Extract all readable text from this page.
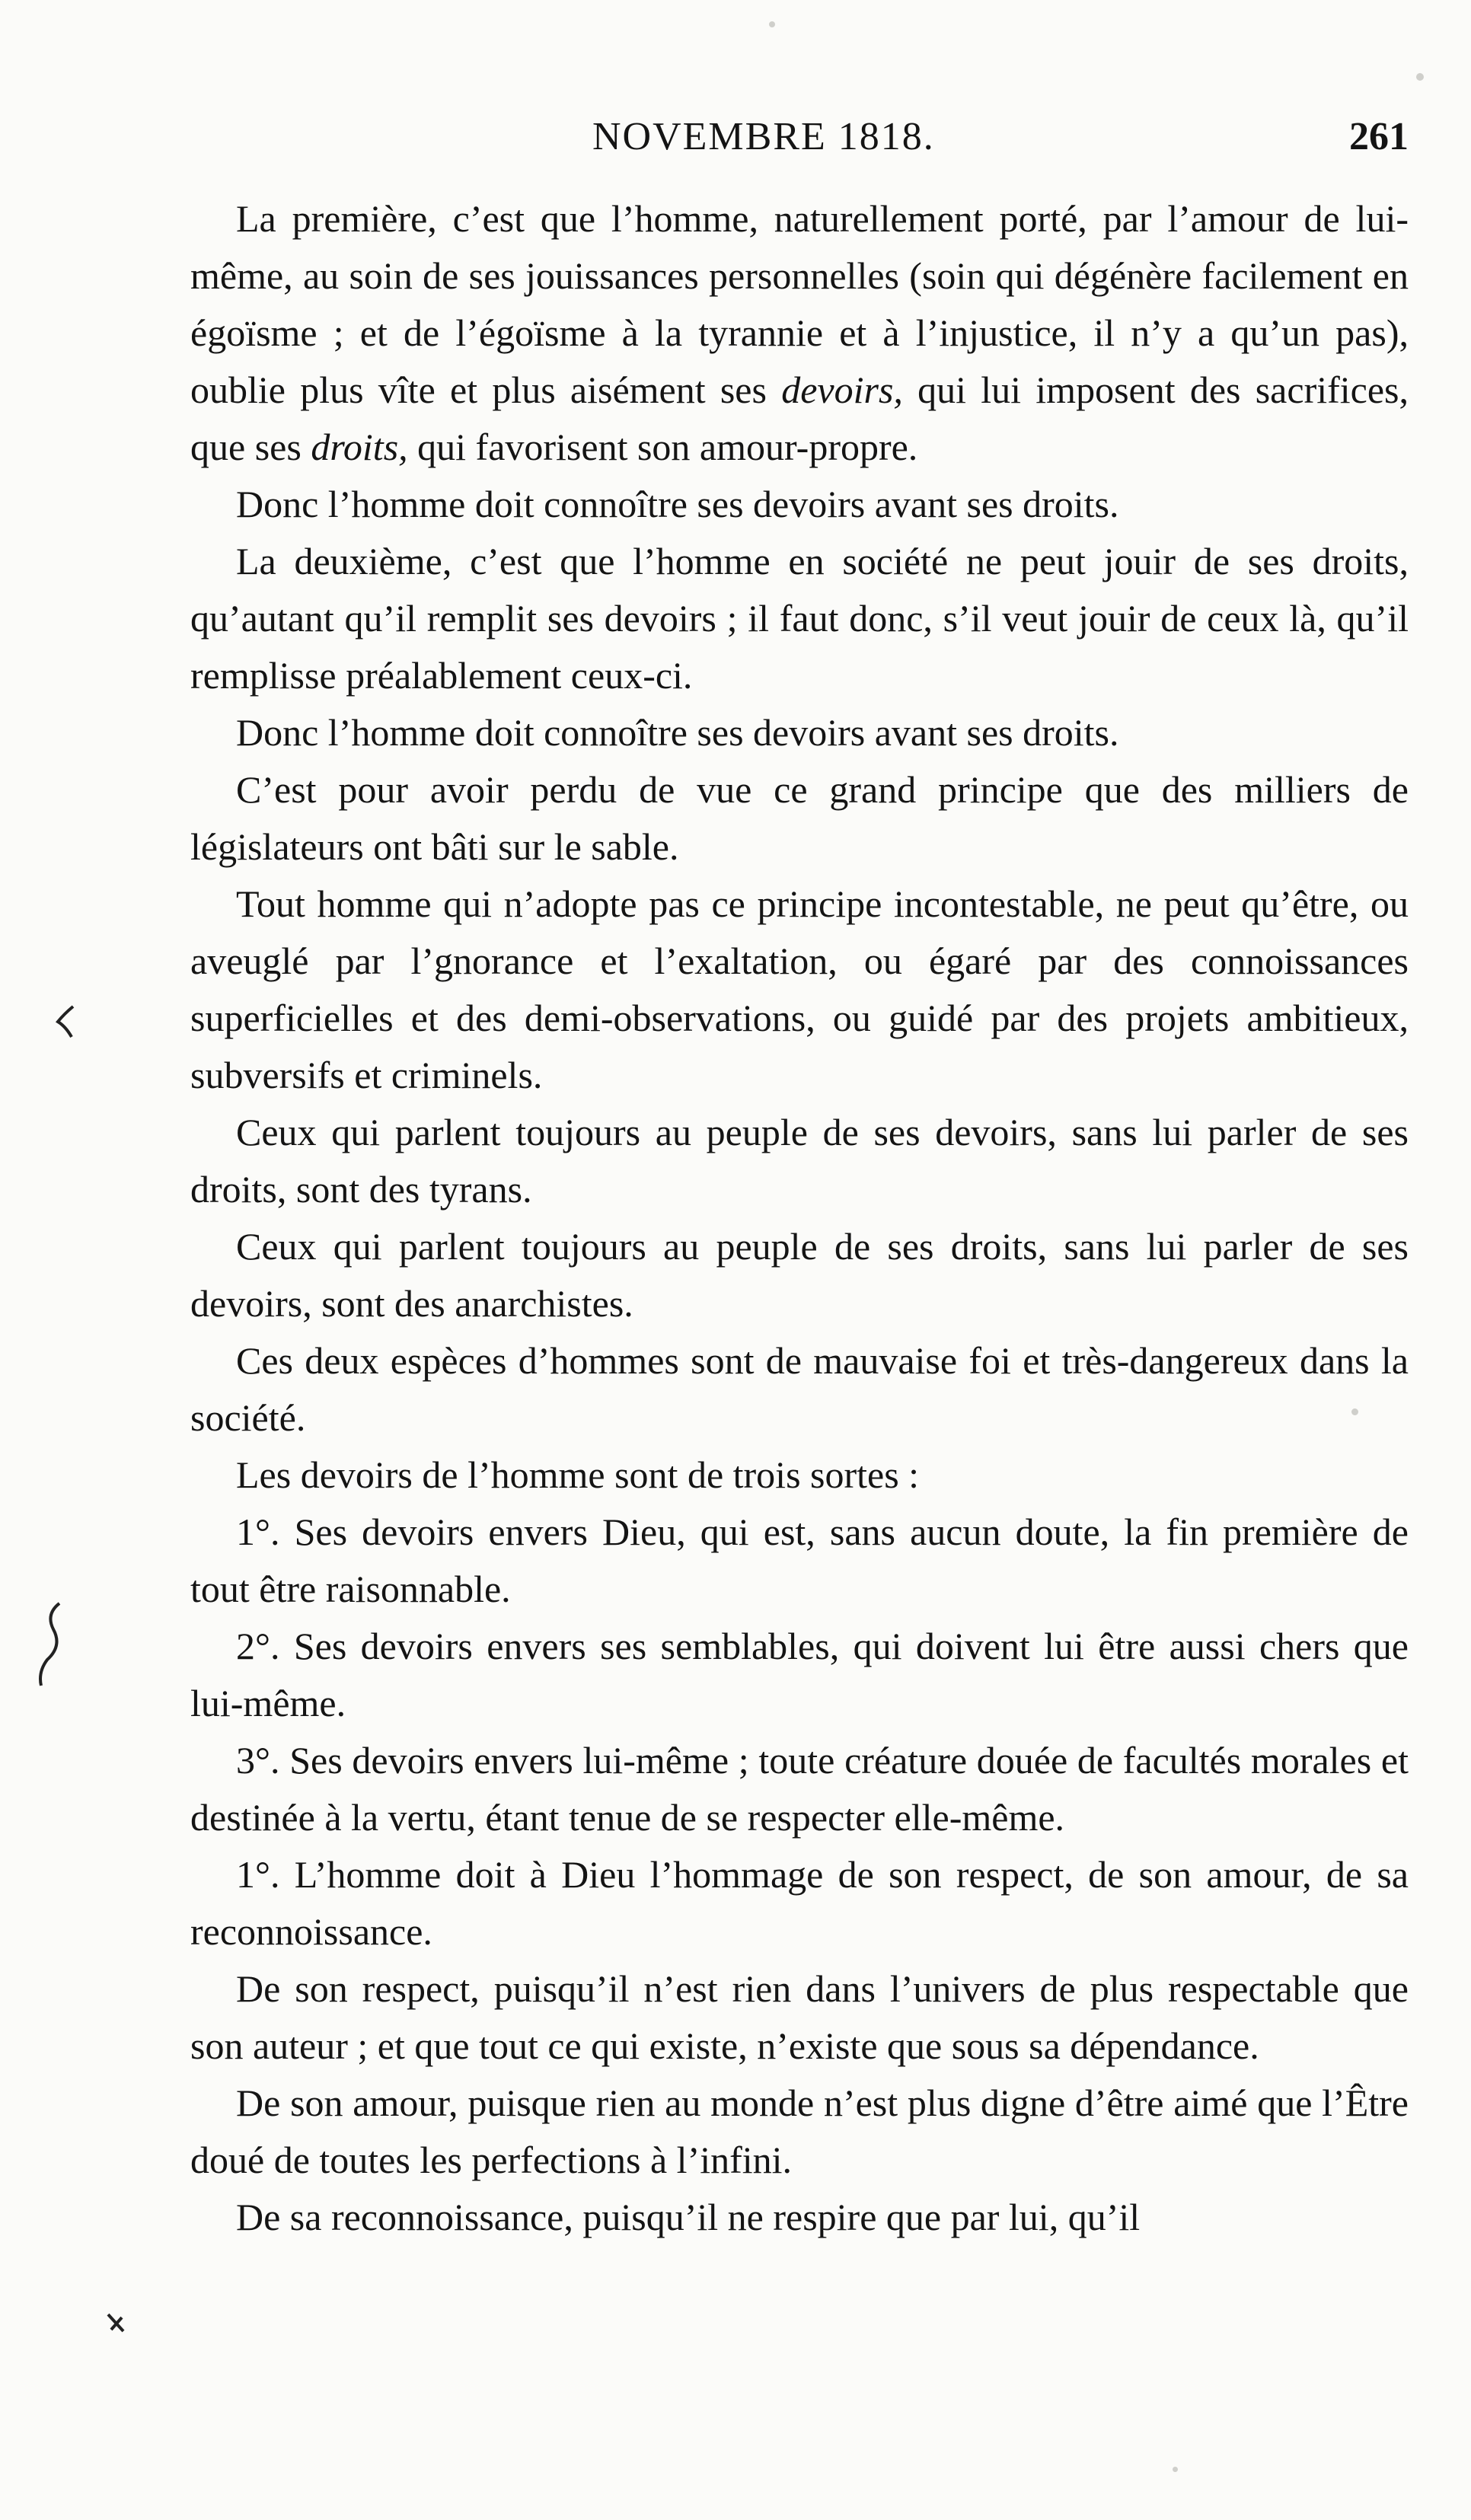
NOVEMBRE 1818.	261

La première, c’est que l’homme, naturellement porté, par l’amour de lui-même, au soin de ses jouissances personnelles (soin qui dégénère facilement en égoïsme ; et de l’égoïsme à la tyrannie et à l’injustice, il n’y a qu’un pas), oublie plus vîte et plus aisément ses devoirs, qui lui imposent des sacrifices, que ses droits, qui favorisent son amour-propre.

Donc l’homme doit connoître ses devoirs avant ses droits.

La deuxième, c’est que l’homme en société ne peut jouir de ses droits, qu’autant qu’il remplit ses devoirs ; il faut donc, s’il veut jouir de ceux là, qu’il remplisse préalablement ceux-ci.

Donc l’homme doit connoître ses devoirs avant ses droits.

C’est pour avoir perdu de vue ce grand principe que des milliers de législateurs ont bâti sur le sable.

Tout homme qui n’adopte pas ce principe incontestable, ne peut qu’être, ou aveuglé par l’gnorance et l’exaltation, ou égaré par des connoissances superficielles et des demi-observations, ou guidé par des projets ambitieux, subversifs et criminels.

Ceux qui parlent toujours au peuple de ses devoirs, sans lui parler de ses droits, sont des tyrans.

Ceux qui parlent toujours au peuple de ses droits, sans lui parler de ses devoirs, sont des anarchistes.

Ces deux espèces d’hommes sont de mauvaise foi et très-dangereux dans la société.

Les devoirs de l’homme sont de trois sortes :

1°. Ses devoirs envers Dieu, qui est, sans aucun doute, la fin première de tout être raisonnable.

2°. Ses devoirs envers ses semblables, qui doivent lui être aussi chers que lui-même.

3°. Ses devoirs envers lui-même ; toute créature douée de facultés morales et destinée à la vertu, étant tenue de se respecter elle-même.

1°. L’homme doit à Dieu l’hommage de son respect, de son amour, de sa reconnoissance.

De son respect, puisqu’il n’est rien dans l’univers de plus respectable que son auteur ; et que tout ce qui existe, n’existe que sous sa dépendance.

De son amour, puisque rien au monde n’est plus digne d’être aimé que l’Être doué de toutes les perfections à l’infini.

De sa reconnoissance, puisqu’il ne respire que par lui, qu’il
